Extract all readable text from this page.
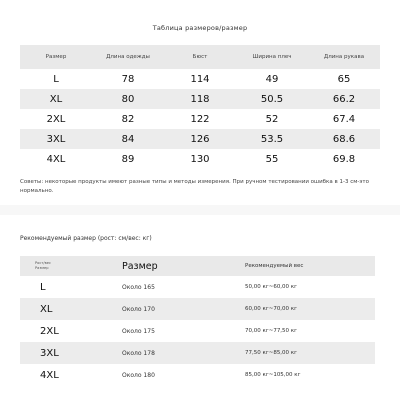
Таблица размеров/размер
Размер	Длина одежды	Бюст	Ширина плеч	Длина рукава
L	78	114	49	65
XL	80	118	50.5	66.2
2XL	82	122	52	67.4
3XL	84	126	53.5	68.6
4XL	89	130	55	69.8
Советы: некоторые продукты имеют разные типы и методы измерения. При ручном тестировании ошибка в 1-3 см-это нормально.
Рекомендуемый размер (рост: см/вес: кг)
Рост/вес
Размер	Размер	Рекомендуемый вес
L	Около 165	50,00 кг~60,00 кг
XL	Около 170	60,00 кг~70,00 кг
2XL	Около 175	70,00 кг~77,50 кг
3XL	Около 178	77,50 кг~85,00 кг
4XL	Около 180	85,00 кг~105,00 кг
